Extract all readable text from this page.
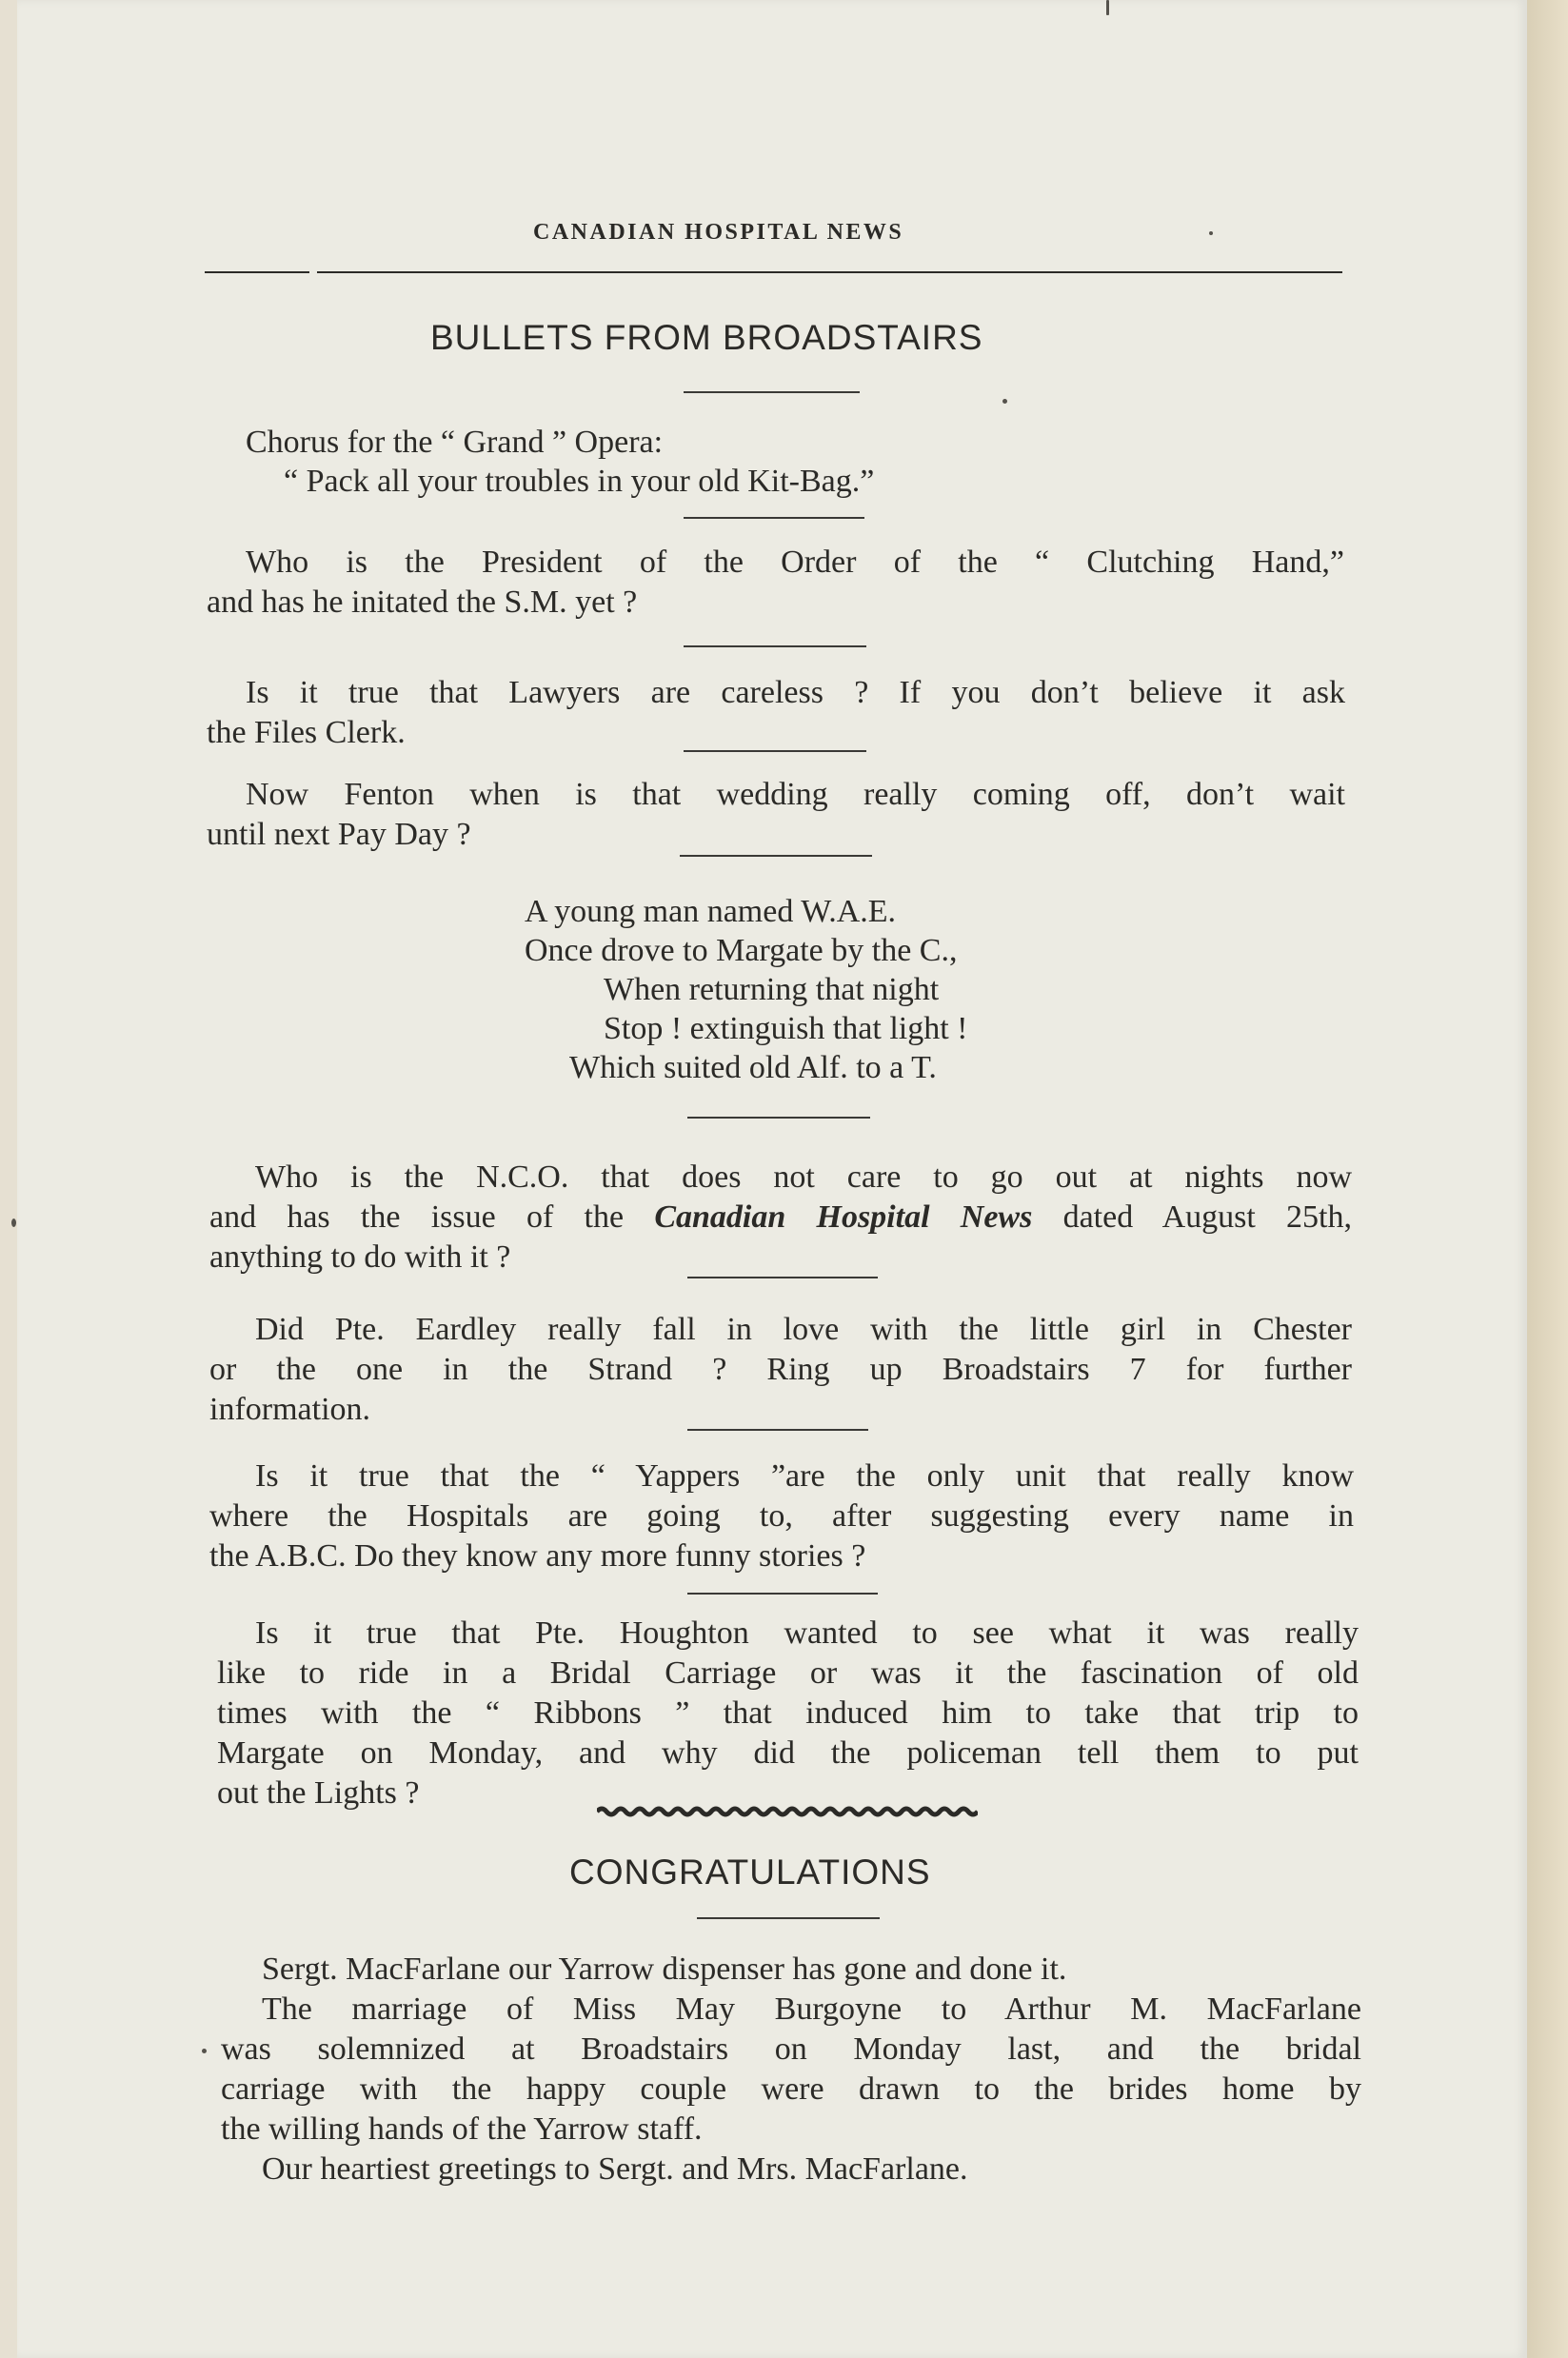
CANADIAN HOSPITAL NEWS
BULLETS FROM BROADSTAIRS
Chorus for the “ Grand ” Opera:
“ Pack all your troubles in your old Kit-Bag.”
Who is the President of the Order of the “ Clutching Hand,”
and has he initated the S.M. yet ?
Is it true that Lawyers are careless ? If you don’t believe it ask
the Files Clerk.
Now Fenton when is that wedding really coming off, don’t wait
until next Pay Day ?
A young man named W.A.E.
Once drove to Margate by the C.,
When returning that night
Stop ! extinguish that light !
Which suited old Alf. to a T.
Who is the N.C.O. that does not care to go out at nights now
and has the issue of the Canadian Hospital News dated August 25th,
anything to do with it ?
Did Pte. Eardley really fall in love with the little girl in Chester
or the one in the Strand ? Ring up Broadstairs 7 for further
information.
Is it true that the “ Yappers ”are the only unit that really know
where the Hospitals are going to, after suggesting every name in
the A.B.C. Do they know any more funny stories ?
Is it true that Pte. Houghton wanted to see what it was really
like to ride in a Bridal Carriage or was it the fascination of old
times with the “ Ribbons ” that induced him to take that trip to
Margate on Monday, and why did the policeman tell them to put
out the Lights ?
CONGRATULATIONS
Sergt. MacFarlane our Yarrow dispenser has gone and done it.
The marriage of Miss May Burgoyne to Arthur M. MacFarlane
was solemnized at Broadstairs on Monday last, and the bridal
carriage with the happy couple were drawn to the brides home by
the willing hands of the Yarrow staff.
Our heartiest greetings to Sergt. and Mrs. MacFarlane.
